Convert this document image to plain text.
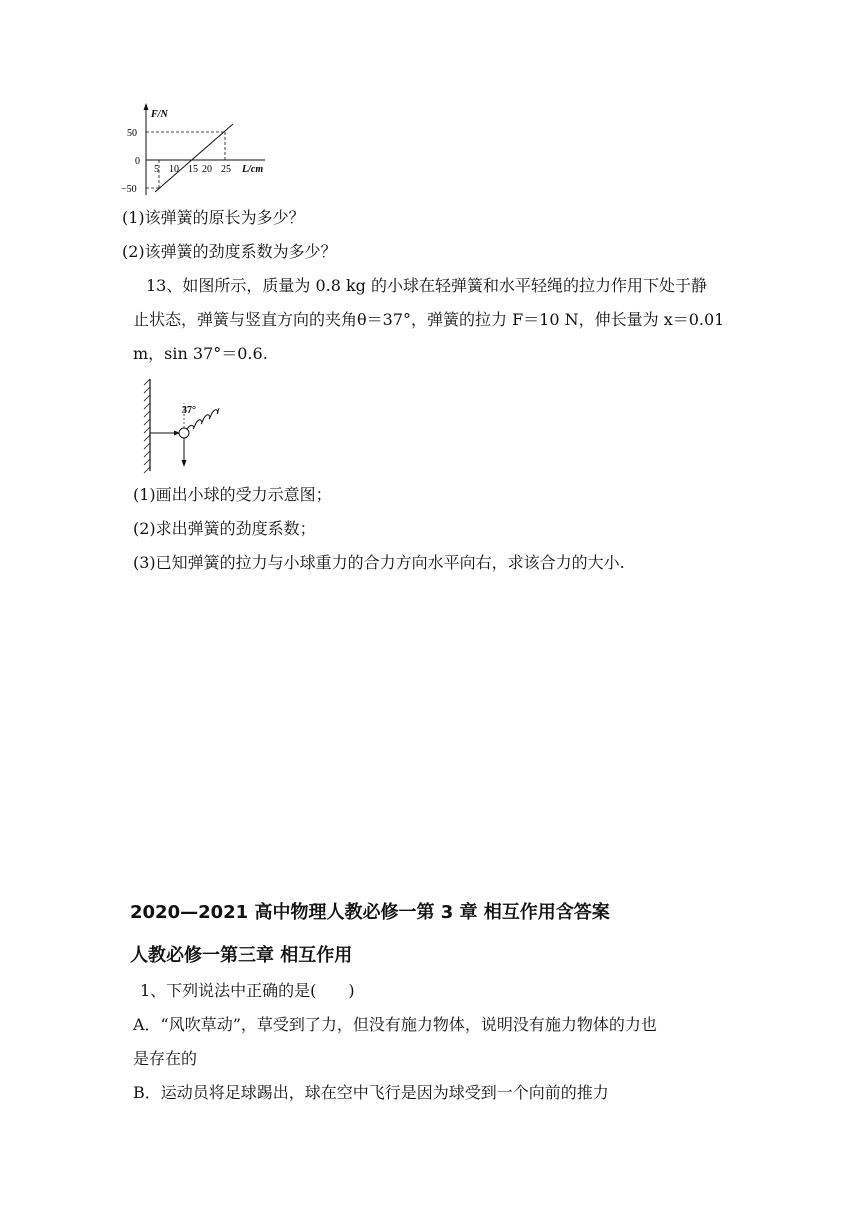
F/N
50
0
−50
5 10 15 20 25 L/cm
(1)该弹簧的原长为多少？
(2)该弹簧的劲度系数为多少？
13、如图所示，质量为 0.8 kg 的小球在轻弹簧和水平轻绳的拉力作用下处于静
止状态，弹簧与竖直方向的夹角θ＝37°，弹簧的拉力 F＝10 N，伸长量为 x＝0.01
m，sin 37°＝0.6.
37°
(1)画出小球的受力示意图；
(2)求出弹簧的劲度系数；
(3)已知弹簧的拉力与小球重力的合力方向水平向右，求该合力的大小.
2020—2021 高中物理人教必修一第 3 章 相互作用含答案
人教必修一第三章 相互作用
1、下列说法中正确的是(　　)
A．“风吹草动”，草受到了力，但没有施力物体，说明没有施力物体的力也
是存在的
B．运动员将足球踢出，球在空中飞行是因为球受到一个向前的推力
